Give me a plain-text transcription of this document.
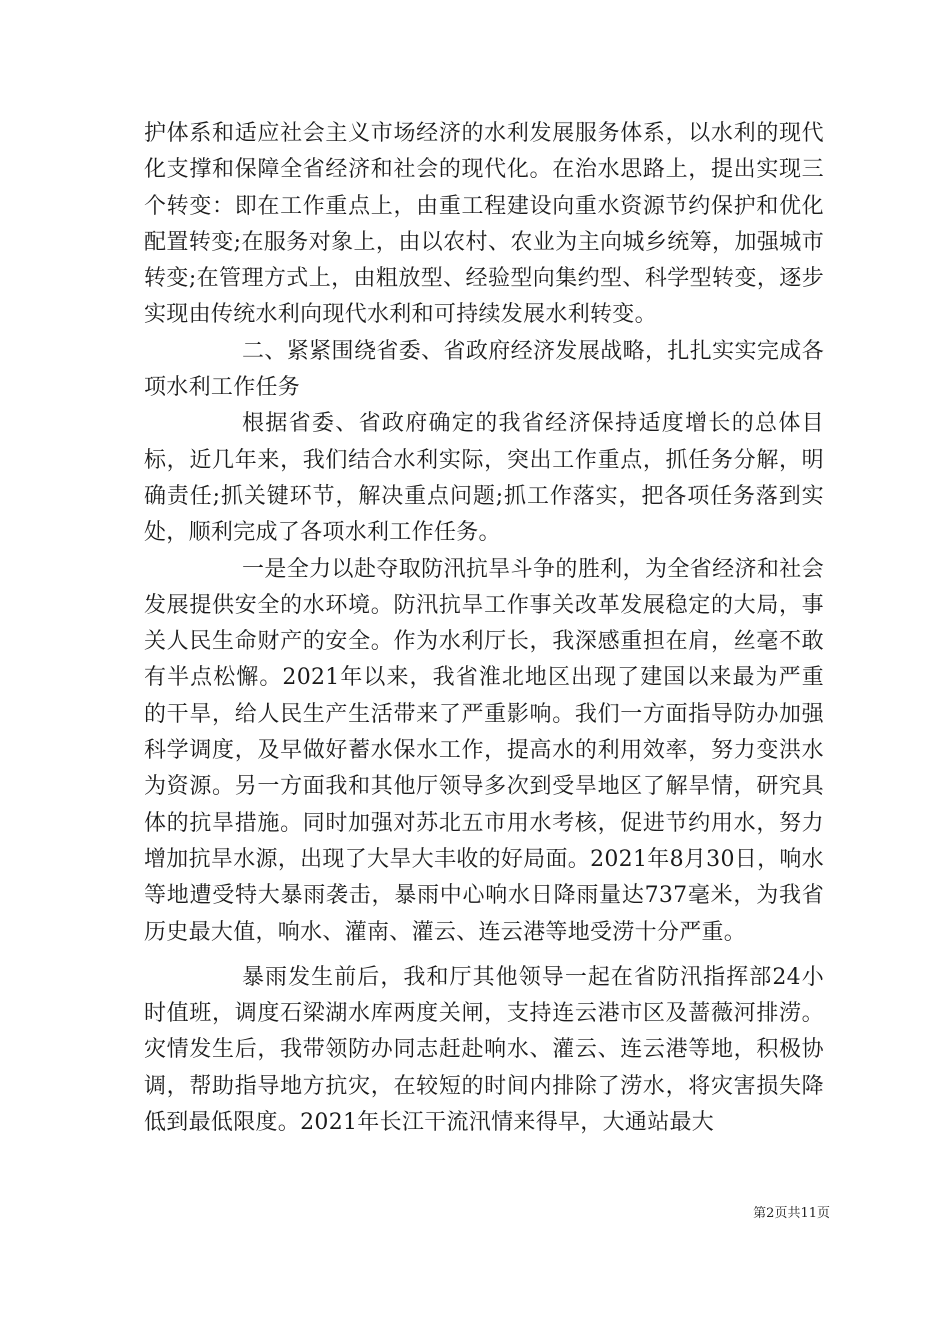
护体系和适应社会主义市场经济的水利发展服务体系，以水利的现代化支撑和保障全省经济和社会的现代化。在治水思路上，提出实现三个转变：即在工作重点上，由重工程建设向重水资源节约保护和优化配置转变;在服务对象上，由以农村、农业为主向城乡统筹，加强城市转变;在管理方式上，由粗放型、经验型向集约型、科学型转变，逐步实现由传统水利向现代水利和可持续发展水利转变。

二、紧紧围绕省委、省政府经济发展战略，扎扎实实完成各项水利工作任务

根据省委、省政府确定的我省经济保持适度增长的总体目标，近几年来，我们结合水利实际，突出工作重点，抓任务分解，明确责任;抓关键环节，解决重点问题;抓工作落实，把各项任务落到实处，顺利完成了各项水利工作任务。

一是全力以赴夺取防汛抗旱斗争的胜利，为全省经济和社会发展提供安全的水环境。防汛抗旱工作事关改革发展稳定的大局，事关人民生命财产的安全。作为水利厅长，我深感重担在肩，丝毫不敢有半点松懈。2021年以来，我省淮北地区出现了建国以来最为严重的干旱，给人民生产生活带来了严重影响。我们一方面指导防办加强科学调度，及早做好蓄水保水工作，提高水的利用效率，努力变洪水为资源。另一方面我和其他厅领导多次到受旱地区了解旱情，研究具体的抗旱措施。同时加强对苏北五市用水考核，促进节约用水，努力增加抗旱水源，出现了大旱大丰收的好局面。2021年8月30日，响水等地遭受特大暴雨袭击，暴雨中心响水日降雨量达737毫米，为我省历史最大值，响水、灌南、灌云、连云港等地受涝十分严重。

暴雨发生前后，我和厅其他领导一起在省防汛指挥部24小时值班，调度石梁湖水库两度关闸，支持连云港市区及蔷薇河排涝。灾情发生后，我带领防办同志赶赴响水、灌云、连云港等地，积极协调，帮助指导地方抗灾，在较短的时间内排除了涝水，将灾害损失降低到最低限度。2021年长江干流汛情来得早，大通站最大

第2页共11页
